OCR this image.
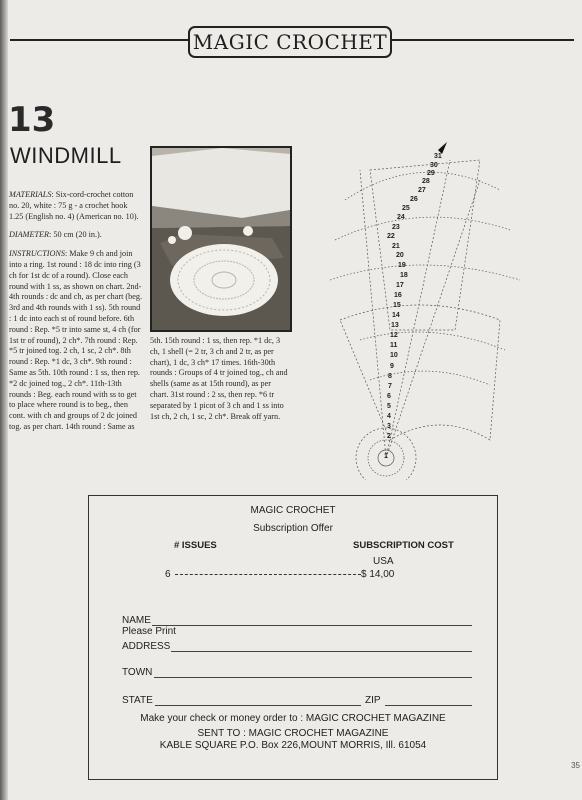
MAGIC CROCHET
13
WINDMILL

MATERIALS: Six-cord-crochet cotton no. 20, white : 75 g - a crochet hook 1.25 (English no. 4) (American no. 10).

DIAMETER: 50 cm (20 in.).

INSTRUCTIONS: Make 9 ch and join into a ring. 1st round : 18 dc into ring (3 ch for 1st dc of a round). Close each round with 1 ss, as shown on chart. 2nd-4th rounds : dc and ch, as per chart (beg. 3rd and 4th rounds with 1 ss). 5th round : 1 dc into each st of round before. 6th round : Rep. *5 tr into same st, 4 ch (for 1st tr of round), 2 ch*. 7th round : Rep. *5 tr joined tog. 2 ch, 1 sc, 2 ch*. 8th round : Rep. *1 dc, 3 ch*. 9th round : Same as 5th. 10th round : 1 ss, then rep. *2 dc joined tog., 2 ch*. 11th-13th rounds : Beg. each round with ss to get to place where round is to beg., then cont. with ch and groups of 2 dc joined tog. as per chart. 14th round : Same as

5th. 15th round : 1 ss, then rep. *1 dc, 3 ch, 1 shell (= 2 tr, 3 ch and 2 tr, as per chart), 1 dc, 3 ch* 17 times. 16th-30th rounds : Groups of 4 tr joined tog., ch and shells (same as at 15th round), as per chart. 31st round : 2 ss, then rep. *6 tr separated by 1 picot of 3 ch and 1 ss into 1st ch, 2 ch, 1 sc, 2 ch*. Break off yarn.

31
30
29
28
27
26
25
24
23
22
21
20
19
18
17
16
15
14
13
12
11
10
9
8
7
6
5
4
3
2
1
MAGIC CROCHET
Subscription Offer
# ISSUES	SUBSCRIPTION COST
USA
6	$ 14,00
NAME
Please Print
ADDRESS
TOWN
STATE	ZIP
Make your check or money order to : MAGIC CROCHET MAGAZINE
SENT TO : MAGIC CROCHET MAGAZINE
KABLE SQUARE P.O. Box 226,MOUNT MORRIS, Ill. 61054
35
